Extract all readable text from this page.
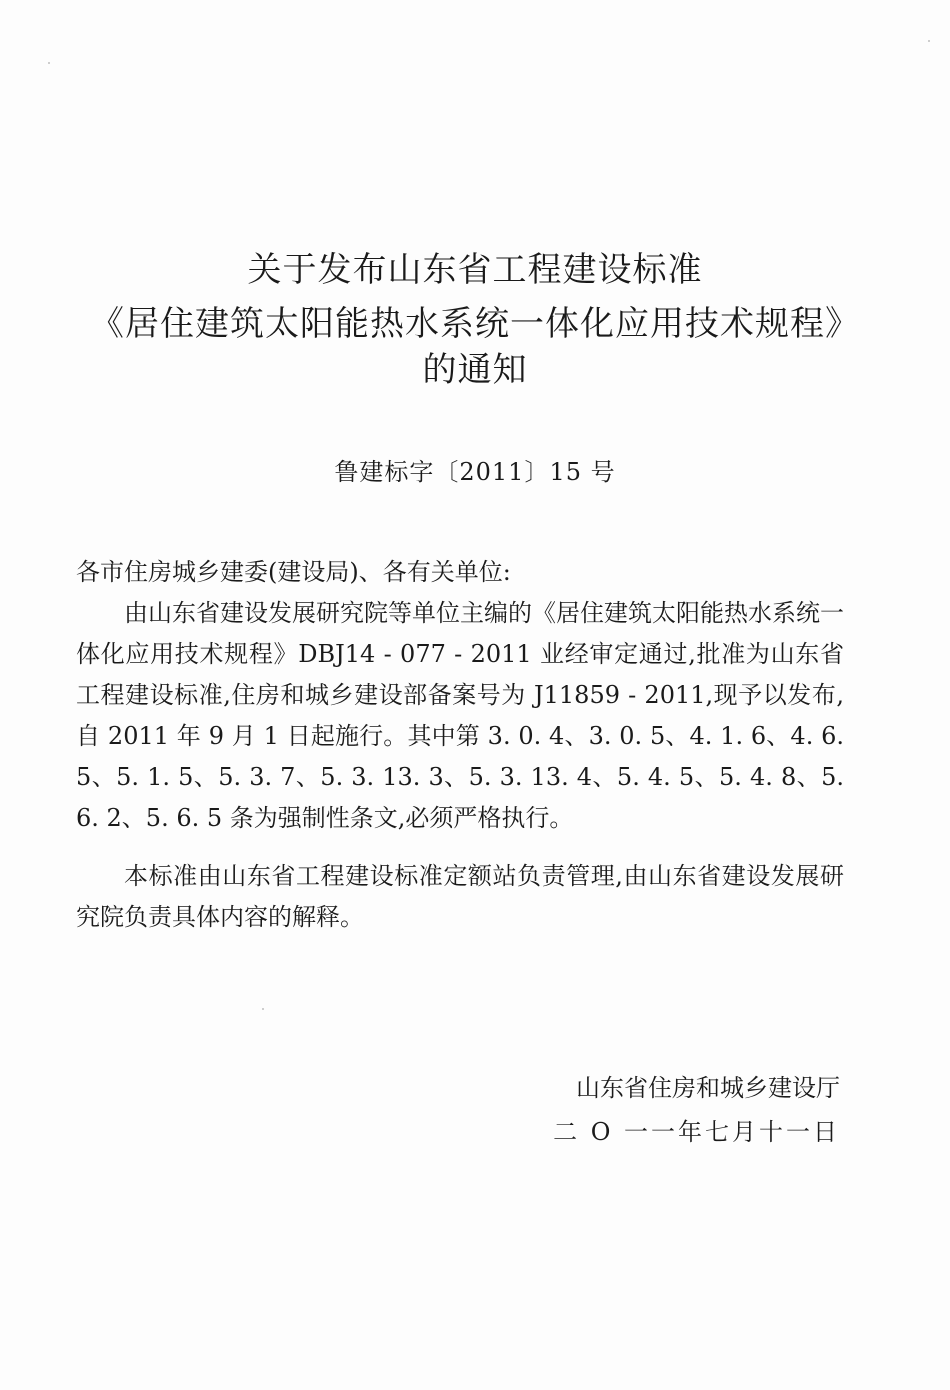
关于发布山东省工程建设标准
《居住建筑太阳能热水系统一体化应用技术规程》
的通知
鲁建标字〔2011〕15 号
各市住房城乡建委(建设局)、各有关单位:
由山东省建设发展研究院等单位主编的《居住建筑太阳能热水系统一体化应用技术规程》DBJ14 - 077 - 2011 业经审定通过,批准为山东省工程建设标准,住房和城乡建设部备案号为 J11859 - 2011,现予以发布,自 2011 年 9 月 1 日起施行。其中第 3. 0. 4、3. 0. 5、4. 1. 6、4. 6. 5、5. 1. 5、5. 3. 7、5. 3. 13. 3、5. 3. 13. 4、5. 4. 5、5. 4. 8、5. 6. 2、5. 6. 5 条为强制性条文,必须严格执行。
本标准由山东省工程建设标准定额站负责管理,由山东省建设发展研究院负责具体内容的解释。
山东省住房和城乡建设厅
二 O 一一年七月十一日
